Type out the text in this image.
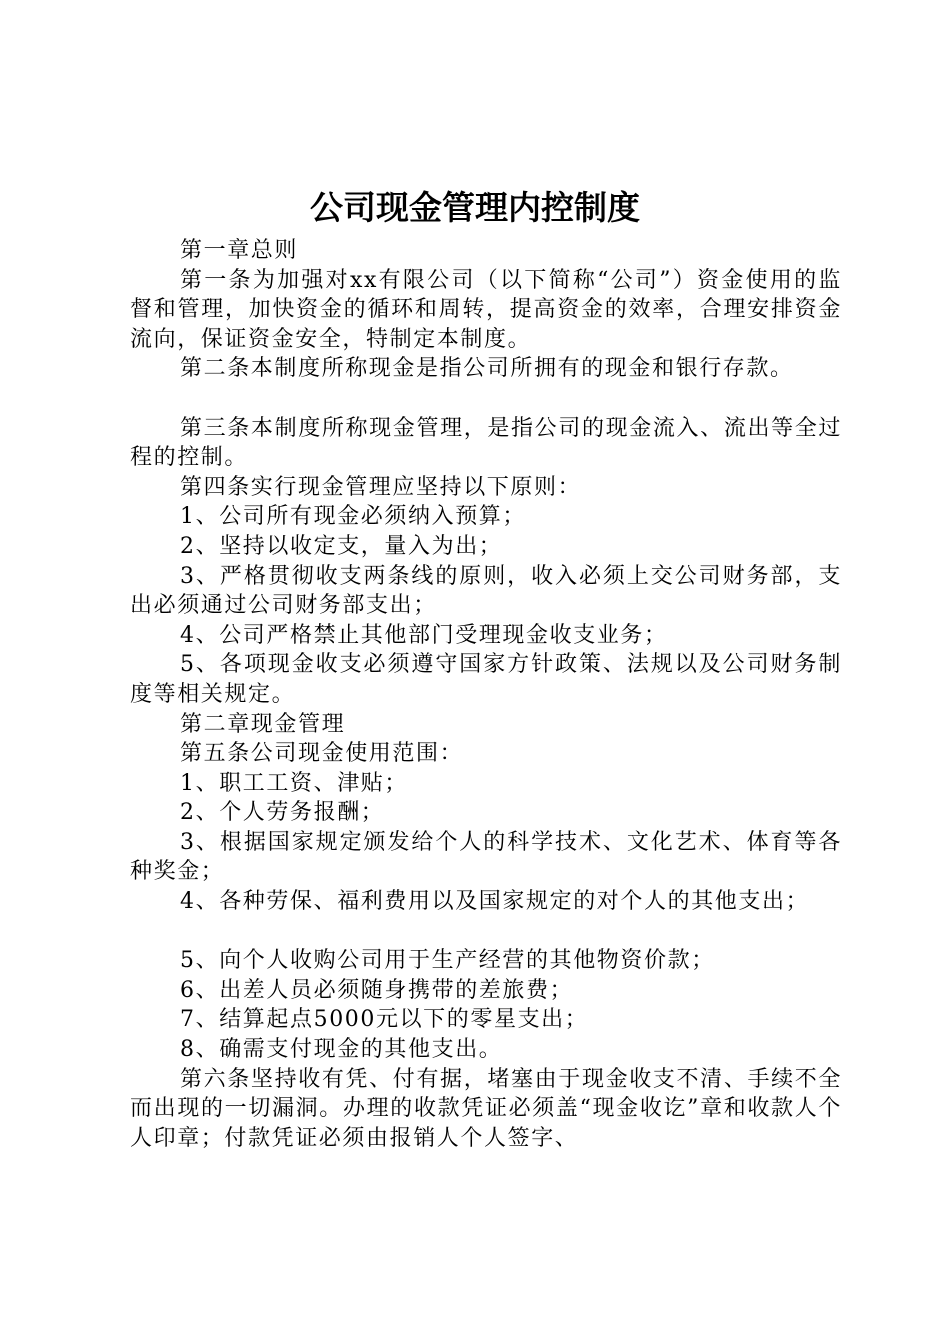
公司现金管理内控制度

第一章总则

第一条为加强对xx有限公司（以下简称“公司”）资金使用的监督和管理，加快资金的循环和周转，提高资金的效率，合理安排资金流向，保证资金安全，特制定本制度。

第二条本制度所称现金是指公司所拥有的现金和银行存款。

第三条本制度所称现金管理，是指公司的现金流入、流出等全过程的控制。

第四条实行现金管理应坚持以下原则：

1、公司所有现金必须纳入预算；

2、坚持以收定支，量入为出；

3、严格贯彻收支两条线的原则，收入必须上交公司财务部，支出必须通过公司财务部支出；

4、公司严格禁止其他部门受理现金收支业务；

5、各项现金收支必须遵守国家方针政策、法规以及公司财务制度等相关规定。

第二章现金管理

第五条公司现金使用范围：

1、职工工资、津贴；

2、个人劳务报酬；

3、根据国家规定颁发给个人的科学技术、文化艺术、体育等各种奖金；

4、各种劳保、福利费用以及国家规定的对个人的其他支出；

5、向个人收购公司用于生产经营的其他物资价款；

6、出差人员必须随身携带的差旅费；

7、结算起点5000元以下的零星支出；

8、确需支付现金的其他支出。

第六条坚持收有凭、付有据，堵塞由于现金收支不清、手续不全而出现的一切漏洞。办理的收款凭证必须盖“现金收讫”章和收款人个人印章；付款凭证必须由报销人个人签字、
